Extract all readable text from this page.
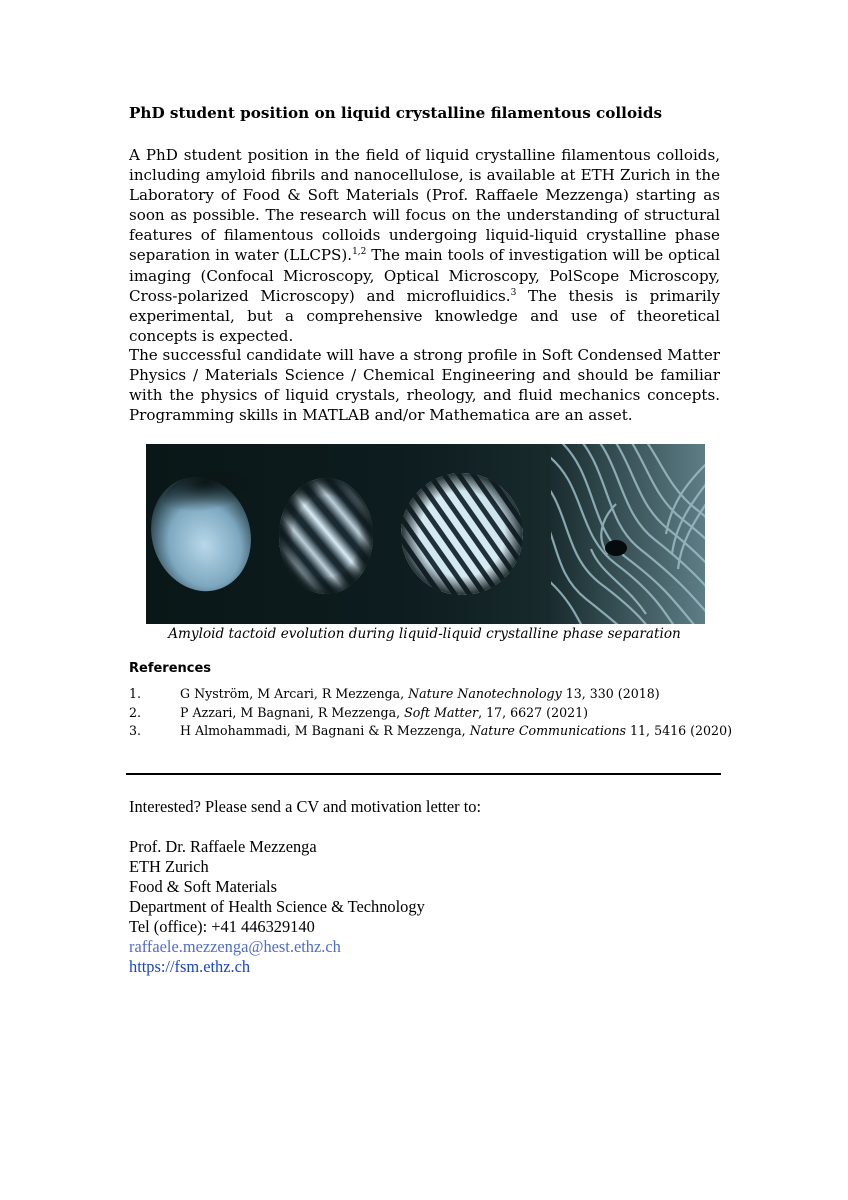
PhD student position on liquid crystalline filamentous colloids

A PhD student position in the field of liquid crystalline filamentous colloids, including amyloid fibrils and nanocellulose, is available at ETH Zurich in the Laboratory of Food & Soft Materials (Prof. Raffaele Mezzenga) starting as soon as possible. The research will focus on the understanding of structural features of filamentous colloids undergoing liquid-liquid crystalline phase separation in water (LLCPS).$^{1,2}$ The main tools of investigation will be optical imaging (Confocal Microscopy, Optical Microscopy, PolScope Microscopy, Cross-polarized Microscopy) and microfluidics.$^3$ The thesis is primarily experimental, but a comprehensive knowledge and use of theoretical concepts is expected.

The successful candidate will have a strong profile in Soft Condensed Matter Physics / Materials Science / Chemical Engineering and should be familiar with the physics of liquid crystals, rheology, and fluid mechanics concepts. Programming skills in MATLAB and/or Mathematica are an asset.

Amyloid tactoid evolution during liquid-liquid crystalline phase separation

References
1.	G Nyström, M Arcari, R Mezzenga, Nature Nanotechnology 13, 330 (2018)
2.	P Azzari, M Bagnani, R Mezzenga, Soft Matter, 17, 6627 (2021)
3.	H Almohammadi, M Bagnani & R Mezzenga, Nature Communications 11, 5416 (2020)

Interested? Please send a CV and motivation letter to:

Prof. Dr. Raffaele Mezzenga
ETH Zurich
Food & Soft Materials
Department of Health Science & Technology
Tel (office): +41 446329140
raffaele.mezzenga@hest.ethz.ch
https://fsm.ethz.ch
